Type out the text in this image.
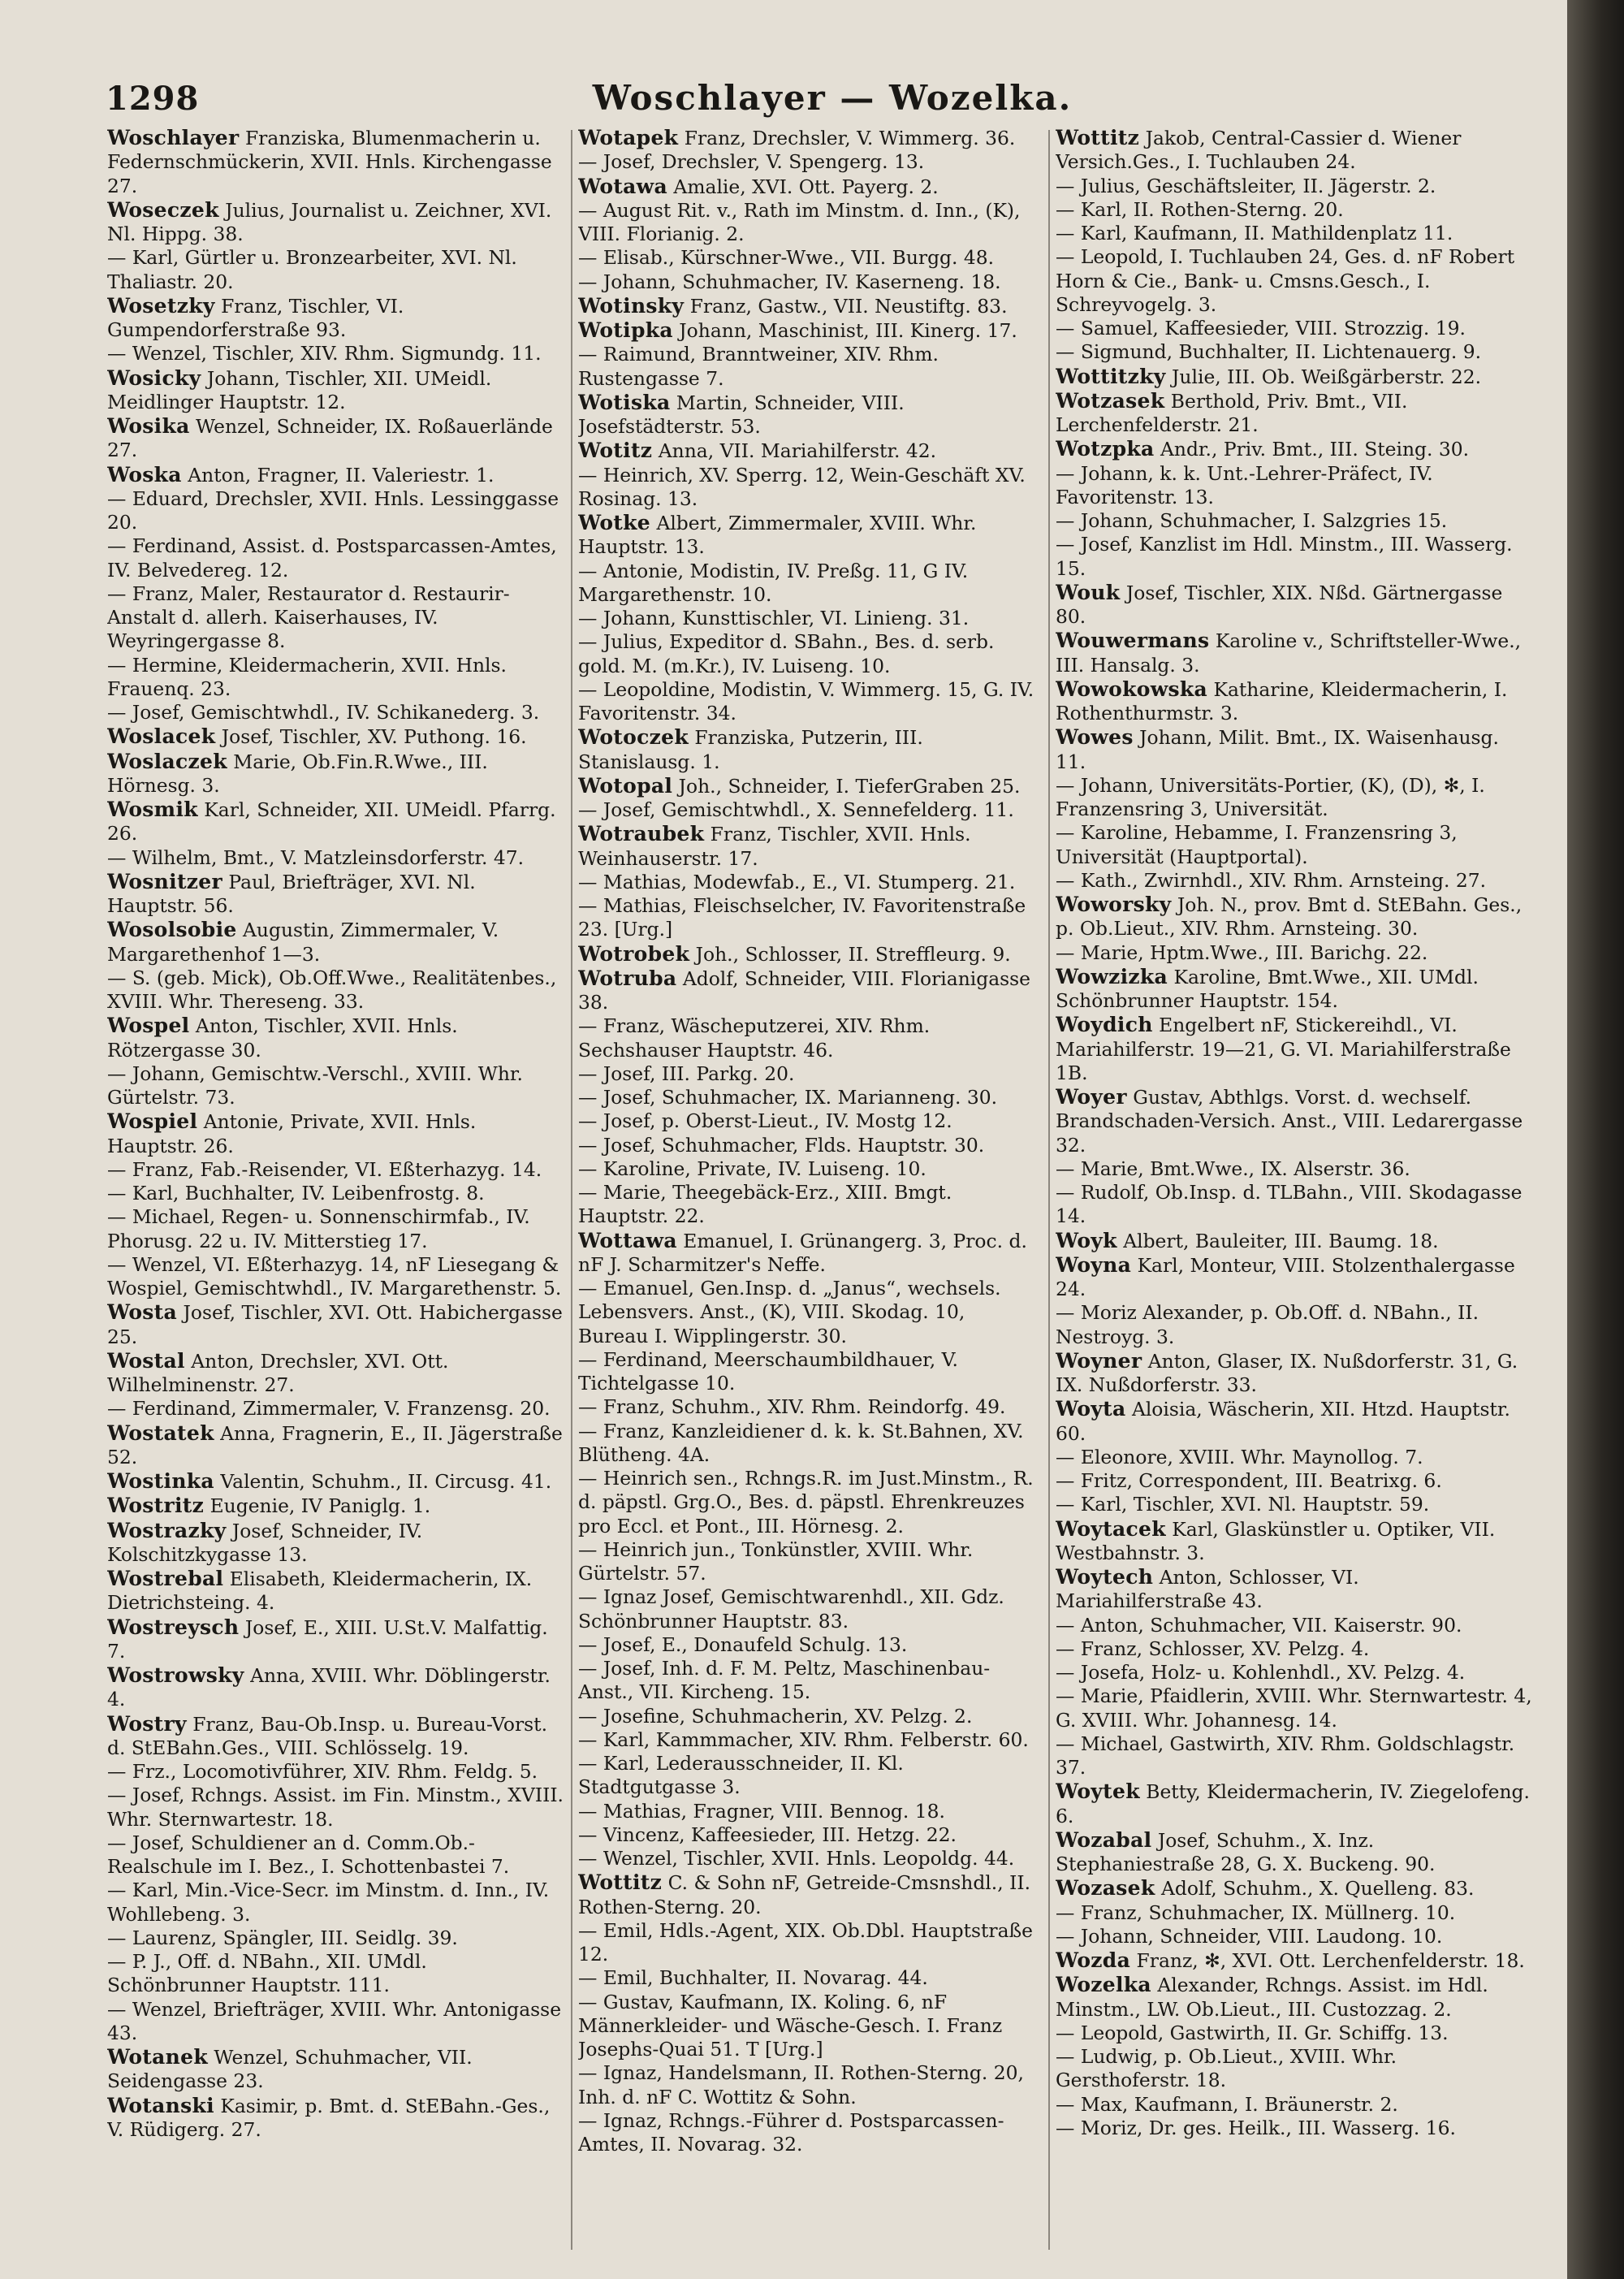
1298	Woschlayer — Wozelka.

Woschlayer Franziska, Blumenmacherin u. Federnschmückerin, XVII. Hnls. Kirchengasse 27.

Woseczek Julius, Journalist u. Zeichner, XVI. Nl. Hippg. 38.

— Karl, Gürtler u. Bronzearbeiter, XVI. Nl. Thaliastr. 20.

Wosetzky Franz, Tischler, VI. Gumpendorferstraße 93.

— Wenzel, Tischler, XIV. Rhm. Sigmundg. 11.

Wosicky Johann, Tischler, XII. UMeidl. Meidlinger Hauptstr. 12.

Wosika Wenzel, Schneider, IX. Roßauerlände 27.

Woska Anton, Fragner, II. Valeriestr. 1.

— Eduard, Drechsler, XVII. Hnls. Lessinggasse 20.

— Ferdinand, Assist. d. Postsparcassen-Amtes, IV. Belvedereg. 12.

— Franz, Maler, Restaurator d. Restaurir-Anstalt d. allerh. Kaiserhauses, IV. Weyringergasse 8.

— Hermine, Kleidermacherin, XVII. Hnls. Frauenq. 23.

— Josef, Gemischtwhdl., IV. Schikanederg. 3.

Woslacek Josef, Tischler, XV. Puthong. 16.

Woslaczek Marie, Ob.Fin.R.Wwe., III. Hörnesg. 3.

Wosmik Karl, Schneider, XII. UMeidl. Pfarrg. 26.

— Wilhelm, Bmt., V. Matzleinsdorferstr. 47.

Wosnitzer Paul, Briefträger, XVI. Nl. Hauptstr. 56.

Wosolsobie Augustin, Zimmermaler, V. Margarethenhof 1—3.

— S. (geb. Mick), Ob.Off.Wwe., Realitätenbes., XVIII. Whr. Thereseng. 33.

Wospel Anton, Tischler, XVII. Hnls. Rötzergasse 30.

— Johann, Gemischtw.-Verschl., XVIII. Whr. Gürtelstr. 73.

Wospiel Antonie, Private, XVII. Hnls. Hauptstr. 26.

— Franz, Fab.-Reisender, VI. Eßterhazyg. 14.

— Karl, Buchhalter, IV. Leibenfrostg. 8.

— Michael, Regen- u. Sonnenschirmfab., IV. Phorusg. 22 u. IV. Mitterstieg 17.

— Wenzel, VI. Eßterhazyg. 14, nF Liesegang & Wospiel, Gemischtwhdl., IV. Margarethenstr. 5.

Wosta Josef, Tischler, XVI. Ott. Habichergasse 25.

Wostal Anton, Drechsler, XVI. Ott. Wilhelminenstr. 27.

— Ferdinand, Zimmermaler, V. Franzensg. 20.

Wostatek Anna, Fragnerin, E., II. Jägerstraße 52.

Wostinka Valentin, Schuhm., II. Circusg. 41.

Wostritz Eugenie, IV Paniglg. 1.

Wostrazky Josef, Schneider, IV. Kolschitzkygasse 13.

Wostrebal Elisabeth, Kleidermacherin, IX. Dietrichsteing. 4.

Wostreysch Josef, E., XIII. U.St.V. Malfattig. 7.

Wostrowsky Anna, XVIII. Whr. Döblingerstr. 4.

Wostry Franz, Bau-Ob.Insp. u. Bureau-Vorst. d. StEBahn.Ges., VIII. Schlösselg. 19.

— Frz., Locomotivführer, XIV. Rhm. Feldg. 5.

— Josef, Rchngs. Assist. im Fin. Minstm., XVIII. Whr. Sternwartestr. 18.

— Josef, Schuldiener an d. Comm.Ob.-Realschule im I. Bez., I. Schottenbastei 7.

— Karl, Min.-Vice-Secr. im Minstm. d. Inn., IV. Wohllebeng. 3.

— Laurenz, Spängler, III. Seidlg. 39.

— P. J., Off. d. NBahn., XII. UMdl. Schönbrunner Hauptstr. 111.

— Wenzel, Briefträger, XVIII. Whr. Antonigasse 43.

Wotanek Wenzel, Schuhmacher, VII. Seidengasse 23.

Wotanski Kasimir, p. Bmt. d. StEBahn.-Ges., V. Rüdigerg. 27.

Wotapek Franz, Drechsler, V. Wimmerg. 36.

— Josef, Drechsler, V. Spengerg. 13.

Wotawa Amalie, XVI. Ott. Payerg. 2.

— August Rit. v., Rath im Minstm. d. Inn., (K), VIII. Florianig. 2.

— Elisab., Kürschner-Wwe., VII. Burgg. 48.

— Johann, Schuhmacher, IV. Kaserneng. 18.

Wotinsky Franz, Gastw., VII. Neustiftg. 83.

Wotipka Johann, Maschinist, III. Kinerg. 17.

— Raimund, Branntweiner, XIV. Rhm. Rustengasse 7.

Wotiska Martin, Schneider, VIII. Josefstädterstr. 53.

Wotitz Anna, VII. Mariahilferstr. 42.

— Heinrich, XV. Sperrg. 12, Wein-Geschäft XV. Rosinag. 13.

Wotke Albert, Zimmermaler, XVIII. Whr. Hauptstr. 13.

— Antonie, Modistin, IV. Preßg. 11, G IV. Margarethenstr. 10.

— Johann, Kunsttischler, VI. Linieng. 31.

— Julius, Expeditor d. SBahn., Bes. d. serb. gold. M. (m.Kr.), IV. Luiseng. 10.

— Leopoldine, Modistin, V. Wimmerg. 15, G. IV. Favoritenstr. 34.

Wotoczek Franziska, Putzerin, III. Stanislausg. 1.

Wotopal Joh., Schneider, I. TieferGraben 25.

— Josef, Gemischtwhdl., X. Sennefelderg. 11.

Wotraubek Franz, Tischler, XVII. Hnls. Weinhauserstr. 17.

— Mathias, Modewfab., E., VI. Stumperg. 21.

— Mathias, Fleischselcher, IV. Favoritenstraße 23. [Urg.]

Wotrobek Joh., Schlosser, II. Streffleurg. 9.

Wotruba Adolf, Schneider, VIII. Florianigasse 38.

— Franz, Wäscheputzerei, XIV. Rhm. Sechshauser Hauptstr. 46.

— Josef, III. Parkg. 20.

— Josef, Schuhmacher, IX. Marianneng. 30.

— Josef, p. Oberst-Lieut., IV. Mostg 12.

— Josef, Schuhmacher, Flds. Hauptstr. 30.

— Karoline, Private, IV. Luiseng. 10.

— Marie, Theegebäck-Erz., XIII. Bmgt. Hauptstr. 22.

Wottawa Emanuel, I. Grünangerg. 3, Proc. d. nF J. Scharmitzer's Neffe.

— Emanuel, Gen.Insp. d. „Janus“, wechsels. Lebensvers. Anst., (K), VIII. Skodag. 10, Bureau I. Wipplingerstr. 30.

— Ferdinand, Meerschaumbildhauer, V. Tichtelgasse 10.

— Franz, Schuhm., XIV. Rhm. Reindorfg. 49.

— Franz, Kanzleidiener d. k. k. St.Bahnen, XV. Blütheng. 4A.

— Heinrich sen., Rchngs.R. im Just.Minstm., R. d. päpstl. Grg.O., Bes. d. päpstl. Ehrenkreuzes pro Eccl. et Pont., III. Hörnesg. 2.

— Heinrich jun., Tonkünstler, XVIII. Whr. Gürtelstr. 57.

— Ignaz Josef, Gemischtwarenhdl., XII. Gdz. Schönbrunner Hauptstr. 83.

— Josef, E., Donaufeld Schulg. 13.

— Josef, Inh. d. F. M. Peltz, Maschinenbau-Anst., VII. Kircheng. 15.

— Josefine, Schuhmacherin, XV. Pelzg. 2.

— Karl, Kammmacher, XIV. Rhm. Felberstr. 60.

— Karl, Lederausschneider, II. Kl. Stadtgutgasse 3.

— Mathias, Fragner, VIII. Bennog. 18.

— Vincenz, Kaffeesieder, III. Hetzg. 22.

— Wenzel, Tischler, XVII. Hnls. Leopoldg. 44.

Wottitz C. & Sohn nF, Getreide-Cmsnshdl., II. Rothen-Sterng. 20.

— Emil, Hdls.-Agent, XIX. Ob.Dbl. Hauptstraße 12.

— Emil, Buchhalter, II. Novarag. 44.

— Gustav, Kaufmann, IX. Koling. 6, nF Männerkleider- und Wäsche-Gesch. I. Franz Josephs-Quai 51. T [Urg.]

— Ignaz, Handelsmann, II. Rothen-Sterng. 20, Inh. d. nF C. Wottitz & Sohn.

— Ignaz, Rchngs.-Führer d. Postsparcassen-Amtes, II. Novarag. 32.

Wottitz Jakob, Central-Cassier d. Wiener Versich.Ges., I. Tuchlauben 24.

— Julius, Geschäftsleiter, II. Jägerstr. 2.

— Karl, II. Rothen-Sterng. 20.

— Karl, Kaufmann, II. Mathildenplatz 11.

— Leopold, I. Tuchlauben 24, Ges. d. nF Robert Horn & Cie., Bank- u. Cmsns.Gesch., I. Schreyvogelg. 3.

— Samuel, Kaffeesieder, VIII. Strozzig. 19.

— Sigmund, Buchhalter, II. Lichtenauerg. 9.

Wottitzky Julie, III. Ob. Weißgärberstr. 22.

Wotzasek Berthold, Priv. Bmt., VII. Lerchenfelderstr. 21.

Wotzpka Andr., Priv. Bmt., III. Steing. 30.

— Johann, k. k. Unt.-Lehrer-Präfect, IV. Favoritenstr. 13.

— Johann, Schuhmacher, I. Salzgries 15.

— Josef, Kanzlist im Hdl. Minstm., III. Wasserg. 15.

Wouk Josef, Tischler, XIX. Nßd. Gärtnergasse 80.

Wouwermans Karoline v., Schriftsteller-Wwe., III. Hansalg. 3.

Wowokowska Katharine, Kleidermacherin, I. Rothenthurmstr. 3.

Wowes Johann, Milit. Bmt., IX. Waisenhausg. 11.

— Johann, Universitäts-Portier, (K), (D), ✻, I. Franzensring 3, Universität.

— Karoline, Hebamme, I. Franzensring 3, Universität (Hauptportal).

— Kath., Zwirnhdl., XIV. Rhm. Arnsteing. 27.

Woworsky Joh. N., prov. Bmt d. StEBahn. Ges., p. Ob.Lieut., XIV. Rhm. Arnsteing. 30.

— Marie, Hptm.Wwe., III. Barichg. 22.

Wowzizka Karoline, Bmt.Wwe., XII. UMdl. Schönbrunner Hauptstr. 154.

Woydich Engelbert nF, Stickereihdl., VI. Mariahilferstr. 19—21, G. VI. Mariahilferstraße 1B.

Woyer Gustav, Abthlgs. Vorst. d. wechself. Brandschaden-Versich. Anst., VIII. Ledarergasse 32.

— Marie, Bmt.Wwe., IX. Alserstr. 36.

— Rudolf, Ob.Insp. d. TLBahn., VIII. Skodagasse 14.

Woyk Albert, Bauleiter, III. Baumg. 18.

Woyna Karl, Monteur, VIII. Stolzenthalergasse 24.

— Moriz Alexander, p. Ob.Off. d. NBahn., II. Nestroyg. 3.

Woyner Anton, Glaser, IX. Nußdorferstr. 31, G. IX. Nußdorferstr. 33.

Woyta Aloisia, Wäscherin, XII. Htzd. Hauptstr. 60.

— Eleonore, XVIII. Whr. Maynollog. 7.

— Fritz, Correspondent, III. Beatrixg. 6.

— Karl, Tischler, XVI. Nl. Hauptstr. 59.

Woytacek Karl, Glaskünstler u. Optiker, VII. Westbahnstr. 3.

Woytech Anton, Schlosser, VI. Mariahilferstraße 43.

— Anton, Schuhmacher, VII. Kaiserstr. 90.

— Franz, Schlosser, XV. Pelzg. 4.

— Josefa, Holz- u. Kohlenhdl., XV. Pelzg. 4.

— Marie, Pfaidlerin, XVIII. Whr. Sternwartestr. 4, G. XVIII. Whr. Johannesg. 14.

— Michael, Gastwirth, XIV. Rhm. Goldschlagstr. 37.

Woytek Betty, Kleidermacherin, IV. Ziegelofeng. 6.

Wozabal Josef, Schuhm., X. Inz. Stephaniestraße 28, G. X. Buckeng. 90.

Wozasek Adolf, Schuhm., X. Quelleng. 83.

— Franz, Schuhmacher, IX. Müllnerg. 10.

— Johann, Schneider, VIII. Laudong. 10.

Wozda Franz, ✻, XVI. Ott. Lerchenfelderstr. 18.

Wozelka Alexander, Rchngs. Assist. im Hdl. Minstm., LW. Ob.Lieut., III. Custozzag. 2.

— Leopold, Gastwirth, II. Gr. Schiffg. 13.

— Ludwig, p. Ob.Lieut., XVIII. Whr. Gersthoferstr. 18.

— Max, Kaufmann, I. Bräunerstr. 2.

— Moriz, Dr. ges. Heilk., III. Wasserg. 16.
